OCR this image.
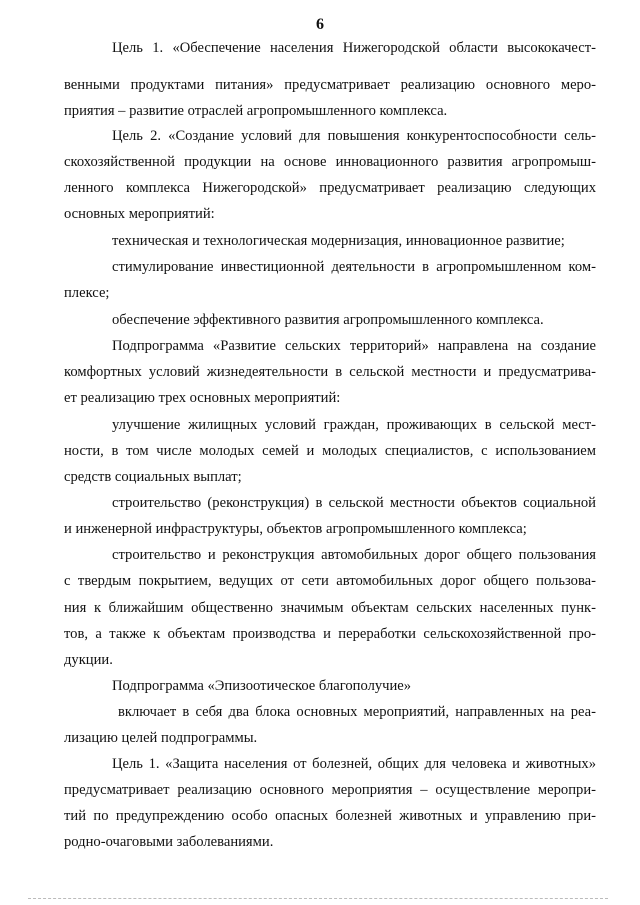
6
Цель 1. «Обеспечение населения Нижегородской области высококачест-
венными продуктами питания» предусматривает реализацию основного меро-
приятия – развитие отраслей агропромышленного комплекса.
Цель 2. «Создание условий для повышения конкурентоспособности сель-
скохозяйственной продукции на основе инновационного развития агропромыш-
ленного комплекса Нижегородской» предусматривает реализацию следующих
основных мероприятий:
техническая и технологическая модернизация, инновационное развитие;
стимулирование инвестиционной деятельности в агропромышленном ком-
плексе;
обеспечение эффективного развития агропромышленного комплекса.
Подпрограмма «Развитие сельских территорий» направлена на создание
комфортных условий жизнедеятельности в сельской местности и предусматрива-
ет реализацию трех основных мероприятий:
улучшение жилищных условий граждан, проживающих в сельской мест-
ности, в том числе молодых семей и молодых специалистов, с использованием
средств социальных выплат;
строительство (реконструкция) в сельской местности объектов социальной
и инженерной инфраструктуры, объектов агропромышленного комплекса;
строительство и реконструкция автомобильных дорог общего пользования
с твердым покрытием, ведущих от сети автомобильных дорог общего пользова-
ния к ближайшим общественно значимым объектам сельских населенных пунк-
тов, а также к объектам производства и переработки сельскохозяйственной про-
дукции.
Подпрограмма «Эпизоотическое благополучие»
включает в себя два блока основных мероприятий, направленных на реа-
лизацию целей подпрограммы.
Цель 1. «Защита населения от болезней, общих для человека и животных»
предусматривает реализацию основного мероприятия – осуществление меропри-
тий по предупреждению особо опасных болезней животных и управлению при-
родно-очаговыми заболеваниями.
